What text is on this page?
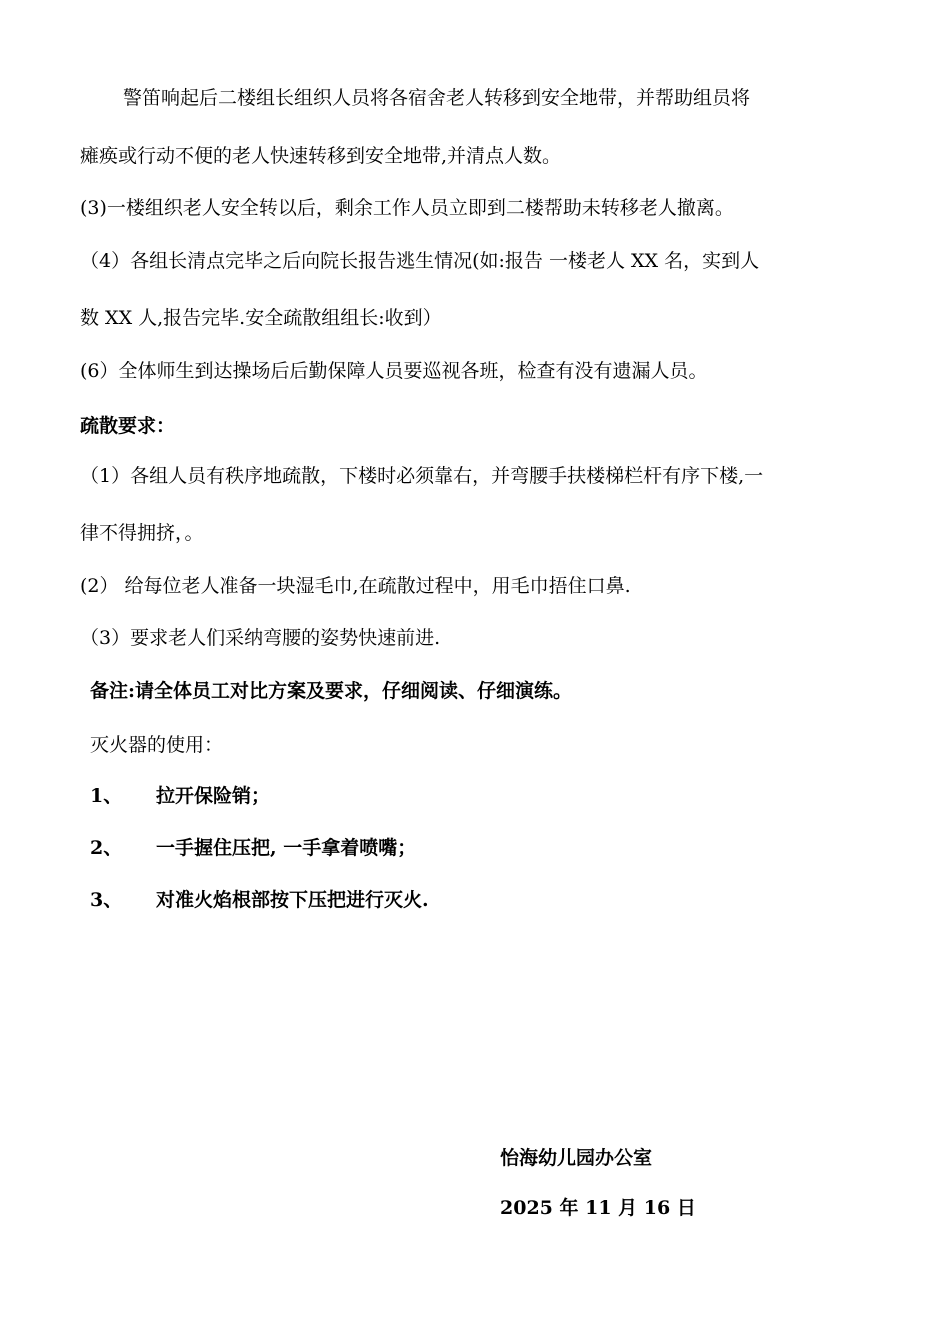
警笛响起后二楼组长组织人员将各宿舍老人转移到安全地带，并帮助组员将

瘫痪或行动不便的老人快速转移到安全地带,并清点人数。

(3)一楼组织老人安全转以后，剩余工作人员立即到二楼帮助未转移老人撤离。

（4）各组长清点完毕之后向院长报告逃生情况(如:报告 一楼老人 XX 名，实到人

数 XX 人,报告完毕.安全疏散组组长:收到）

(6）全体师生到达操场后后勤保障人员要巡视各班，检查有没有遗漏人员。

疏散要求：

（1）各组人员有秩序地疏散，下楼时必须靠右，并弯腰手扶楼梯栏杆有序下楼,一

律不得拥挤，。

(2） 给每位老人准备一块湿毛巾,在疏散过程中，用毛巾捂住口鼻.

（3）要求老人们采纳弯腰的姿势快速前进.

备注:请全体员工对比方案及要求，仔细阅读、仔细演练。

灭火器的使用：

1、 拉开保险销；
2、 一手握住压把, 一手拿着喷嘴；
3、 对准火焰根部按下压把进行灭火.
怡海幼儿园办公室
2025 年 11 月 16 日
